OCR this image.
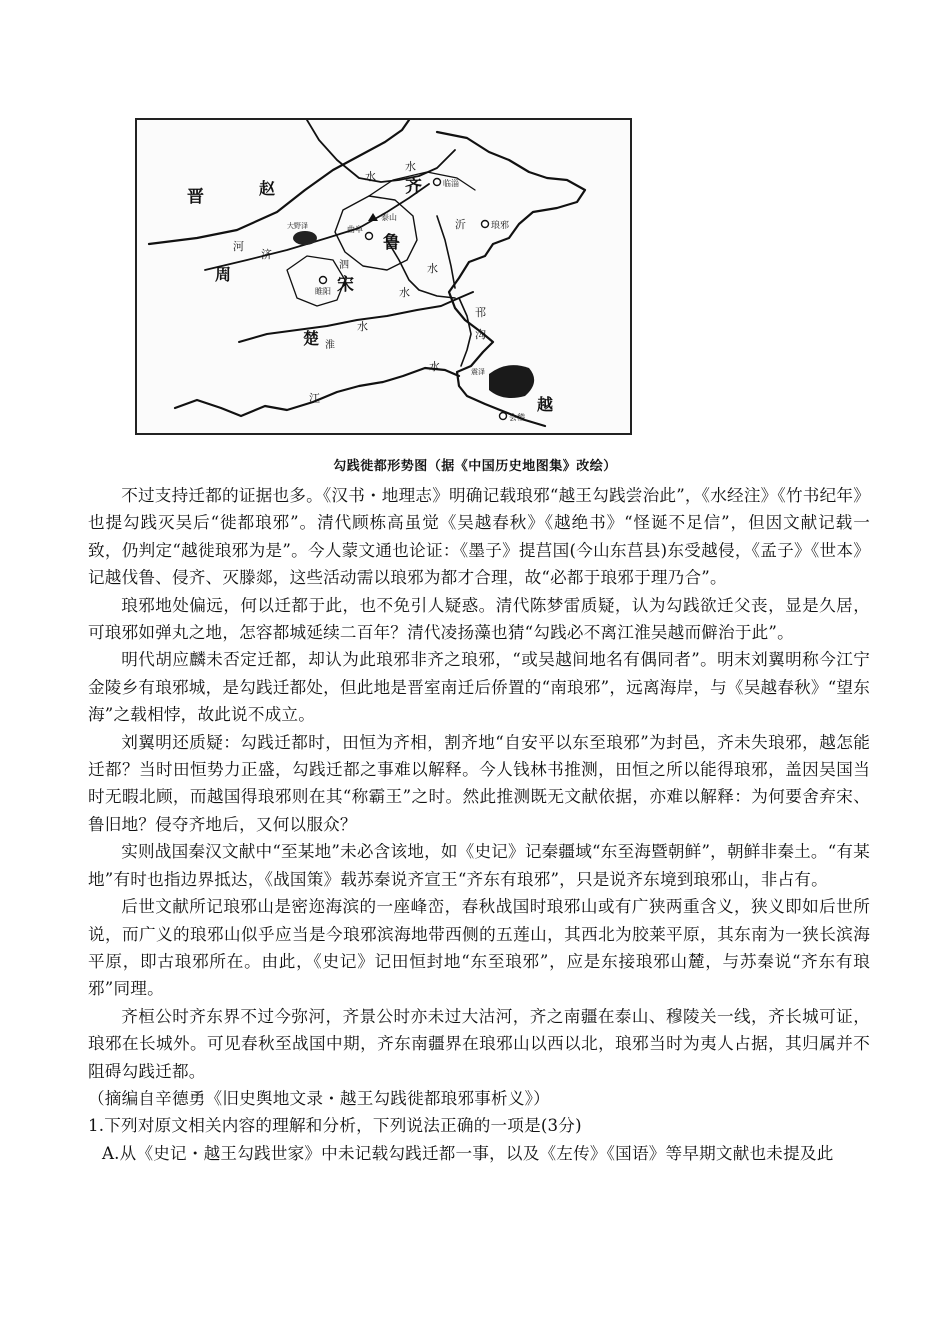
晋	赵	齐
鲁
宋
周
楚
越
临淄
泰山
曲阜
大野泽	琅邪
睢阳
会稽
震泽
河
济
水
水
水
水
水
水
沂
泗
淮
江
邗
沟
勾践徙都形势图（据《中国历史地图集》改绘）

不过支持迁都的证据也多。《汉书・地理志》明确记载琅邪“越王勾践尝治此”，《水经注》《竹书纪年》也提勾践灭吴后“徙都琅邪”。清代顾栋高虽觉《吴越春秋》《越绝书》“怪诞不足信”，但因文献记载一致，仍判定“越徙琅邪为是”。今人蒙文通也论证：《墨子》提莒国(今山东莒县)东受越侵，《孟子》《世本》记越伐鲁、侵齐、灭滕郯，这些活动需以琅邪为都才合理，故“必都于琅邪于理乃合”。

琅邪地处偏远，何以迁都于此，也不免引人疑惑。清代陈梦雷质疑，认为勾践欲迁父丧，显是久居，可琅邪如弹丸之地，怎容都城延续二百年？清代凌扬藻也猜“勾践必不离江淮吴越而僻治于此”。

明代胡应麟未否定迁都，却认为此琅邪非齐之琅邪，“或吴越间地名有偶同者”。明末刘翼明称今江宁金陵乡有琅邪城，是勾践迁都处，但此地是晋室南迁后侨置的“南琅邪”，远离海岸，与《吴越春秋》“望东海”之载相悖，故此说不成立。

刘翼明还质疑：勾践迁都时，田恒为齐相，割齐地“自安平以东至琅邪”为封邑，齐未失琅邪，越怎能迁都？当时田恒势力正盛，勾践迁都之事难以解释。今人钱林书推测，田恒之所以能得琅邪，盖因吴国当时无暇北顾，而越国得琅邪则在其“称霸王”之时。然此推测既无文献依据，亦难以解释：为何要舍弃宋、鲁旧地？侵夺齐地后，又何以服众？

实则战国秦汉文献中“至某地”未必含该地，如《史记》记秦疆域“东至海暨朝鲜”，朝鲜非秦土。“有某地”有时也指边界抵达，《战国策》载苏秦说齐宣王“齐东有琅邪”，只是说齐东境到琅邪山，非占有。

后世文献所记琅邪山是密迩海滨的一座峰峦，春秋战国时琅邪山或有广狭两重含义，狭义即如后世所说，而广义的琅邪山似乎应当是今琅邪滨海地带西侧的五莲山，其西北为胶莱平原，其东南为一狭长滨海平原，即古琅邪所在。由此，《史记》记田恒封地“东至琅邪”，应是东接琅邪山麓，与苏秦说“齐东有琅邪”同理。

齐桓公时齐东界不过今弥河，齐景公时亦未过大沽河，齐之南疆在泰山、穆陵关一线，齐长城可证，琅邪在长城外。可见春秋至战国中期，齐东南疆界在琅邪山以西以北，琅邪当时为夷人占据，其归属并不阻碍勾践迁都。

（摘编自辛德勇《旧史舆地文录・越王勾践徙都琅邪事析义》）

1.下列对原文相关内容的理解和分析，下列说法正确的一项是(3分)

A.从《史记・越王勾践世家》中未记载勾践迁都一事，以及《左传》《国语》等早期文献也未提及此
